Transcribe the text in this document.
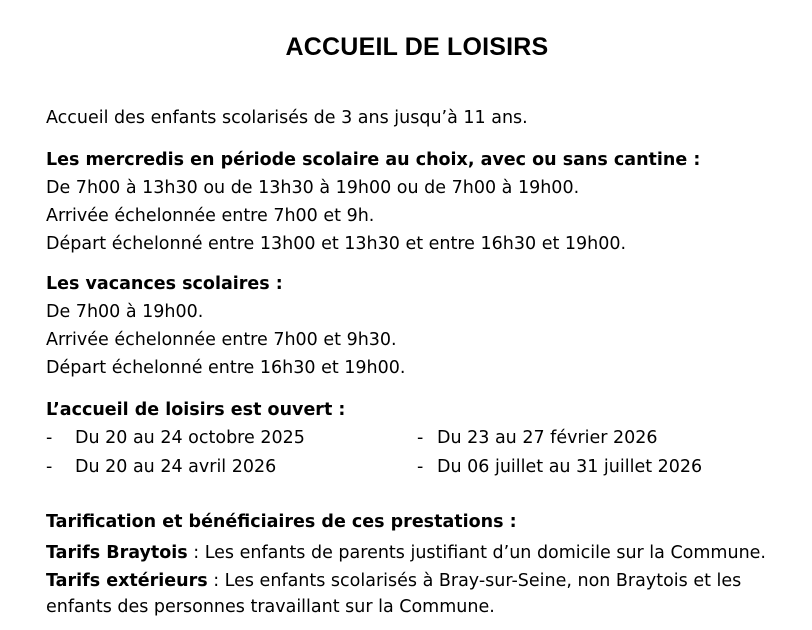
ACCUEIL DE LOISIRS
Accueil des enfants scolarisés de 3 ans jusqu’à 11 ans.
Les mercredis en période scolaire au choix, avec ou sans cantine :
De 7h00 à 13h30 ou de 13h30 à 19h00 ou de 7h00 à 19h00.
Arrivée échelonnée entre 7h00 et 9h.
Départ échelonné entre 13h00 et 13h30 et entre 16h30 et 19h00.
Les vacances scolaires :
De 7h00 à 19h00.
Arrivée échelonnée entre 7h00 et 9h30.
Départ échelonné entre 16h30 et 19h00.
L’accueil de loisirs est ouvert :
- Du 20 au 24 octobre 2025	- Du 23 au 27 février 2026
- Du 20 au 24 avril 2026	- Du 06 juillet au 31 juillet 2026
Tarification et bénéficiaires de ces prestations :
Tarifs Braytois : Les enfants de parents justifiant d’un domicile sur la Commune.
Tarifs extérieurs : Les enfants scolarisés à Bray-sur-Seine, non Braytois et les
enfants des personnes travaillant sur la Commune.
